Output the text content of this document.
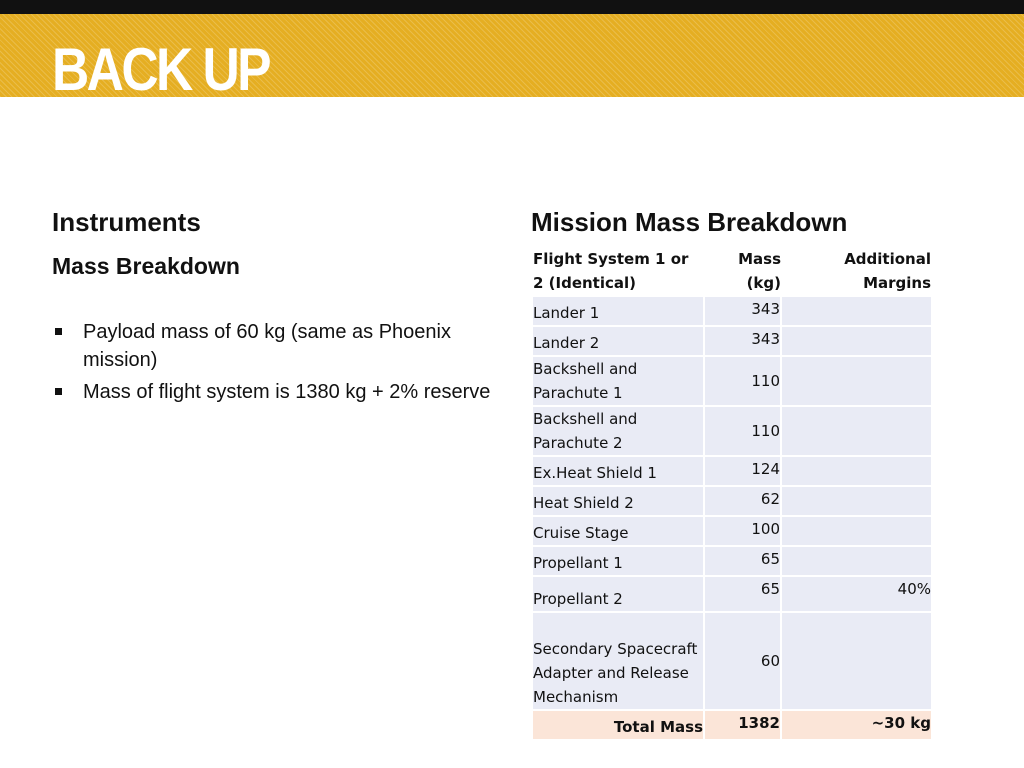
BACK UP
Instruments
Mass Breakdown
Payload mass of 60 kg (same as Phoenix mission)
Mass of flight system is 1380 kg + 2% reserve
Mission Mass Breakdown
Flight System 1 or 2 (Identical)	Mass (kg)	Additional Margins
Lander 1	343	
Lander 2	343	
Backshell and Parachute 1	110	
Backshell and Parachute 2	110	
Ex.Heat Shield 1	124	
Heat Shield 2	62	
Cruise Stage	100	
Propellant 1	65	
Propellant 2	65	40%
Secondary Spacecraft Adapter and Release Mechanism	60	
Total Mass	1382	~30 kg
